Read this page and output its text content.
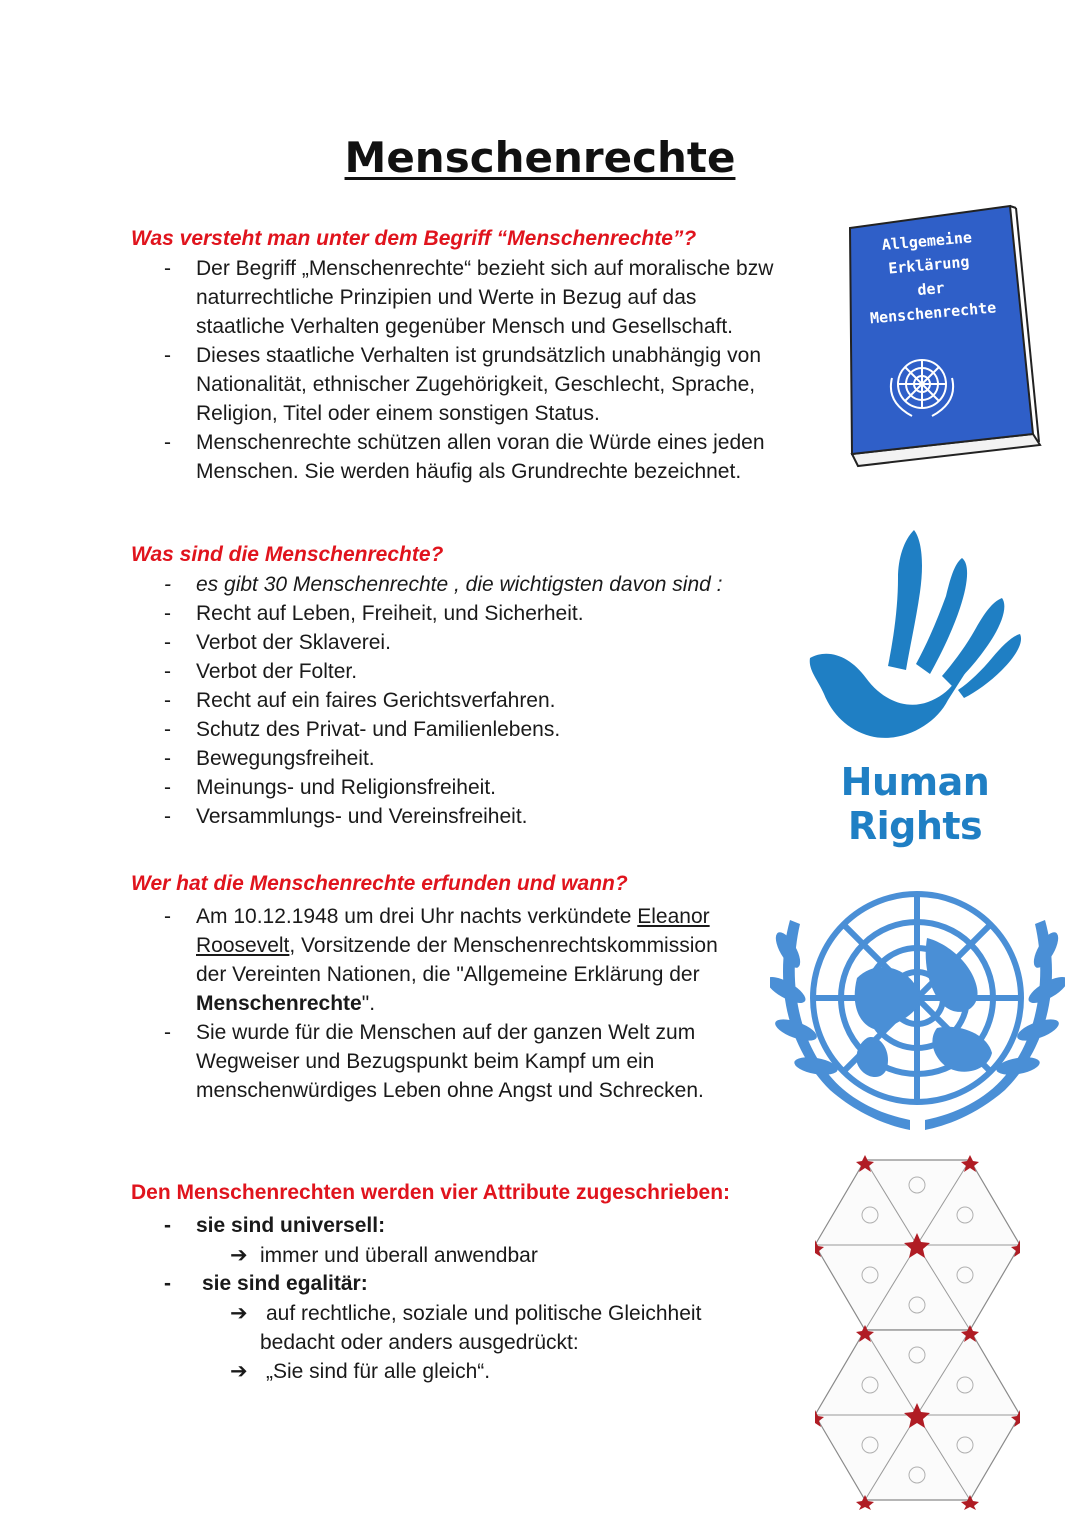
Menschenrechte
Was versteht man unter dem Begriff “Menschenrechte”?
- Der Begriff „Menschenrechte“ bezieht sich auf moralische bzw
naturrechtliche Prinzipien und Werte in Bezug auf das
staatliche Verhalten gegenüber Mensch und Gesellschaft.
- Dieses staatliche Verhalten ist grundsätzlich unabhängig von
Nationalität, ethnischer Zugehörigkeit, Geschlecht, Sprache,
Religion, Titel oder einem sonstigen Status.
- Menschenrechte schützen allen voran die Würde eines jeden
Menschen. Sie werden häufig als Grundrechte bezeichnet.
Allgemeine
Erklärung
der
Menschenrechte
Was sind die Menschenrechte?
- es gibt 30 Menschenrechte , die wichtigsten davon sind :
- Recht auf Leben, Freiheit, und Sicherheit.
- Verbot der Sklaverei.
- Verbot der Folter.
- Recht auf ein faires Gerichtsverfahren.
- Schutz des Privat- und Familienlebens.
- Bewegungsfreiheit.
- Meinungs- und Religionsfreiheit.
- Versammlungs- und Vereinsfreiheit.
Human Rights
Wer hat die Menschenrechte erfunden und wann?
- Am 10.12.1948 um drei Uhr nachts verkündete Eleanor
Roosevelt, Vorsitzende der Menschenrechtskommission
der Vereinten Nationen, die "Allgemeine Erklärung der
Menschenrechte".
- Sie wurde für die Menschen auf der ganzen Welt zum
Wegweiser und Bezugspunkt beim Kampf um ein
menschenwürdiges Leben ohne Angst und Schrecken.
Den Menschenrechten werden vier Attribute zugeschrieben:
- sie sind universell:
➔ immer und überall anwendbar
- sie sind egalitär:
➔ auf rechtliche, soziale und politische Gleichheit
bedacht oder anders ausgedrückt:
➔ „Sie sind für alle gleich“.
